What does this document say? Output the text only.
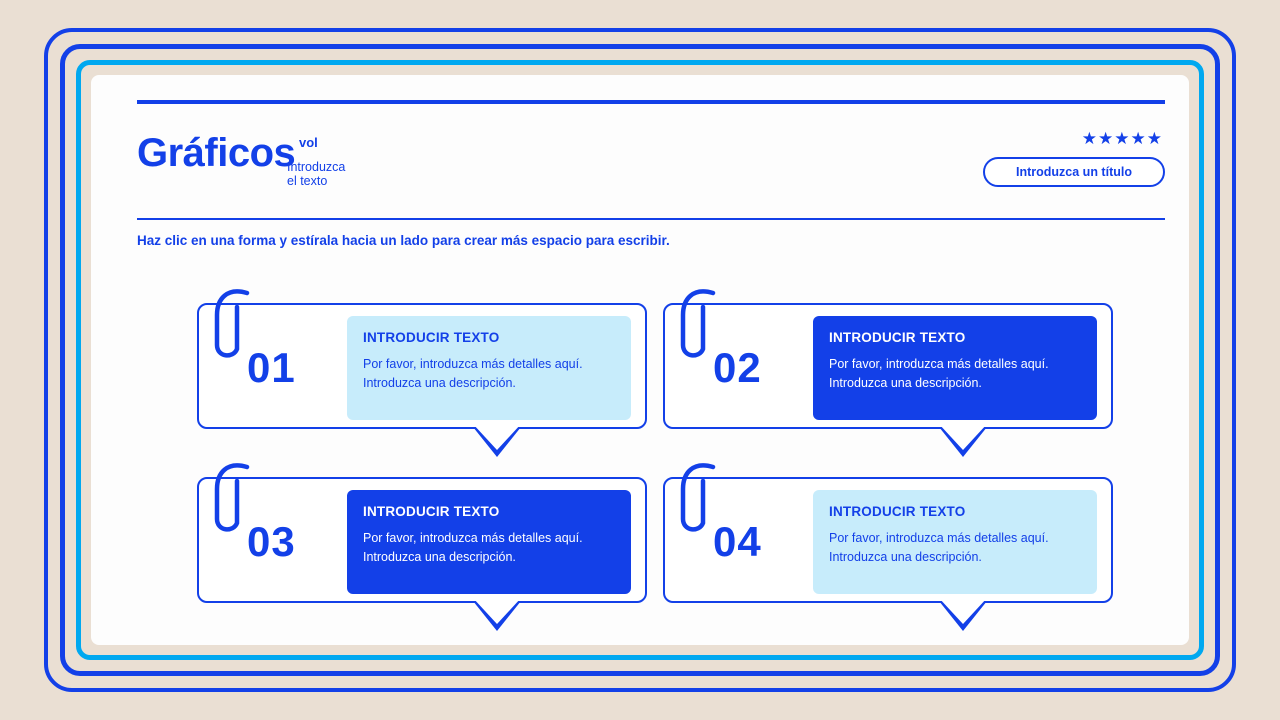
Gráficos vol
Introduzca el texto
★★★★★
Introduzca un título
Haz clic en una forma y estírala hacia un lado para crear más espacio para escribir.
01
INTRODUCIR TEXTO
Por favor, introduzca más detalles aquí. Introduzca una descripción.	02
INTRODUCIR TEXTO
Por favor, introduzca más detalles aquí. Introduzca una descripción.
03
INTRODUCIR TEXTO
Por favor, introduzca más detalles aquí. Introduzca una descripción.	04
INTRODUCIR TEXTO
Por favor, introduzca más detalles aquí. Introduzca una descripción.
